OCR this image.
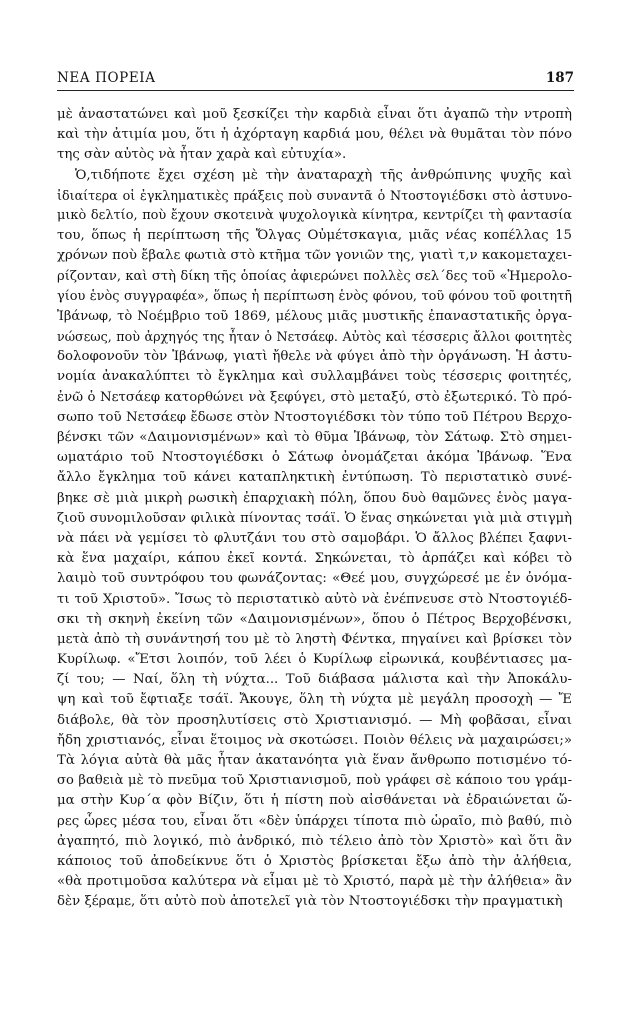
ΝΕΑ ΠΟΡΕΙΑ	187
μὲ ἀναστατώνει καὶ μοῦ ξεσκίζει τὴν καρδιὰ εἶναι ὅτι ἀγαπῶ τὴν ντροπὴ
καὶ τὴν ἀτιμία μου, ὅτι ἡ ἀχόρταγη καρδιά μου, θέλει νὰ θυμᾶται τὸν πόνο
της σὰν αὐτὸς νὰ ἦταν χαρὰ καὶ εὐτυχία».
Ὁ,τιδήποτε ἔχει σχέση μὲ τὴν ἀναταραχὴ τῆς ἀνθρώπινης ψυχῆς καὶ
ἰδιαίτερα οἱ ἐγκληματικὲς πράξεις ποὺ συναντᾶ ὁ Ντοστογιέδσκι στὸ ἀστυνο-
μικὸ δελτίο, ποὺ ἔχουν σκοτεινὰ ψυχολογικὰ κίνητρα, κεντρίζει τὴ φαντασία
του, ὅπως ἡ περίπτωση τῆς Ὄλγας Οὐμέτσκαγια, μιᾶς νέας κοπέλλας 15
χρόνων ποὺ ἔβαλε φωτιὰ στὸ κτῆμα τῶν γονιῶν της, γιατὶ τ,ν κακομεταχει-
ρίζονταν, καὶ στὴ δίκη τῆς ὁποίας ἀφιερώνει πολλὲς σελ΄δες τοῦ «Ἡμερολο-
γίου ἑνὸς συγγραφέα», ὅπως ἡ περίπτωση ἑνὸς φόνου, τοῦ φόνου τοῦ φοιτητῆ
Ἰβάνωφ, τὸ Νοέμβριο τοῦ 1869, μέλους μιᾶς μυστικῆς ἐπαναστατικῆς ὀργα-
νώσεως, ποὺ ἀρχηγός της ἦταν ὁ Νετσάεφ. Αὐτὸς καὶ τέσσερις ἄλλοι φοιτητὲς
δολοφονοῦν τὸν Ἰβάνωφ, γιατὶ ἤθελε νὰ φύγει ἀπὸ τὴν ὀργάνωση. Ἡ ἀστυ-
νομία ἀνακαλύπτει τὸ ἔγκλημα καὶ συλλαμβάνει τοὺς τέσσερις φοιτητές,
ἐνῶ ὁ Νετσάεφ κατορθώνει νὰ ξεφύγει, στὸ μεταξύ, στὸ ἐξωτερικό. Τὸ πρό-
σωπο τοῦ Νετσάεφ ἔδωσε στὸν Ντοστογιέδσκι τὸν τύπο τοῦ Πέτρου Βερχο-
βένσκι τῶν «Δαιμονισμένων» καὶ τὸ θῦμα Ἰβάνωφ, τὸν Σάτωφ. Στὸ σημει-
ωματάριο τοῦ Ντοστογιέδσκι ὁ Σάτωφ ὀνομάζεται ἀκόμα Ἰβάνωφ. Ἕνα
ἄλλο ἔγκλημα τοῦ κάνει καταπληκτικὴ ἐντύπωση. Τὸ περιστατικὸ συνέ-
βηκε σὲ μιὰ μικρὴ ρωσικὴ ἐπαρχιακὴ πόλη, ὅπου δυὸ θαμῶνες ἑνὸς μαγα-
ζιοῦ συνομιλοῦσαν φιλικὰ πίνοντας τσάϊ. Ὁ ἕνας σηκώνεται γιὰ μιὰ στιγμὴ
νὰ πάει νὰ γεμίσει τὸ φλυτζάνι του στὸ σαμοβάρι. Ὁ ἄλλος βλέπει ξαφνι-
κὰ ἕνα μαχαίρι, κάπου ἐκεῖ κοντά. Σηκώνεται, τὸ ἁρπάζει καὶ κόβει τὸ
λαιμὸ τοῦ συντρόφου του φωνάζοντας: «Θεέ μου, συγχώρεσέ με ἐν ὀνόμα-
τι τοῦ Χριστοῦ». Ἴσως τὸ περιστατικὸ αὐτὸ νὰ ἐνέπνευσε στὸ Ντοστογιέδ-
σκι τὴ σκηνὴ ἐκείνη τῶν «Δαιμονισμένων», ὅπου ὁ Πέτρος Βερχοβένσκι,
μετὰ ἀπὸ τὴ συνάντησή του μὲ τὸ ληστὴ Φέντκα, πηγαίνει καὶ βρίσκει τὸν
Κυρίλωφ. «Ἔτσι λοιπόν, τοῦ λέει ὁ Κυρίλωφ εἰρωνικά, κουβέντιασες μα-
ζί του; — Ναί, ὅλη τὴ νύχτα... Τοῦ διάβασα μάλιστα καὶ τὴν Ἀποκάλυ-
ψη καὶ τοῦ ἔφτιαξε τσάϊ. Ἄκουγε, ὅλη τὴ νύχτα μὲ μεγάλη προσοχὴ — Ἔ
διάβολε, θὰ τὸν προσηλυτίσεις στὸ Χριστιανισμό. — Μὴ φοβᾶσαι, εἶναι
ἤδη χριστιανός, εἶναι ἕτοιμος νὰ σκοτώσει. Ποιὸν θέλεις νὰ μαχαιρώσει;»
Τὰ λόγια αὐτὰ θὰ μᾶς ἦταν ἀκατανόητα γιὰ ἕναν ἄνθρωπο ποτισμένο τό-
σο βαθειὰ μὲ τὸ πνεῦμα τοῦ Χριστιανισμοῦ, ποὺ γράφει σὲ κάποιο του γράμ-
μα στὴν Κυρ΄α φὸν Βίζιν, ὅτι ἡ πίστη ποὺ αἰσθάνεται νὰ ἑδραιώνεται ὥ-
ρες ὧρες μέσα του, εἶναι ὅτι «δὲν ὑπάρχει τίποτα πιὸ ὡραῖο, πιὸ βαθύ, πιὸ
ἀγαπητό, πιὸ λογικό, πιὸ ἀνδρικό, πιὸ τέλειο ἀπὸ τὸν Χριστὸ» καὶ ὅτι ἂν
κάποιος τοῦ ἀποδείκνυε ὅτι ὁ Χριστὸς βρίσκεται ἔξω ἀπὸ τὴν ἀλήθεια,
«θὰ προτιμοῦσα καλύτερα νὰ εἶμαι μὲ τὸ Χριστό, παρὰ μὲ τὴν ἀλήθεια» ἂν
δὲν ξέραμε, ὅτι αὐτὸ ποὺ ἀποτελεῖ γιὰ τὸν Ντοστογιέδσκι τὴν πραγματικὴ
